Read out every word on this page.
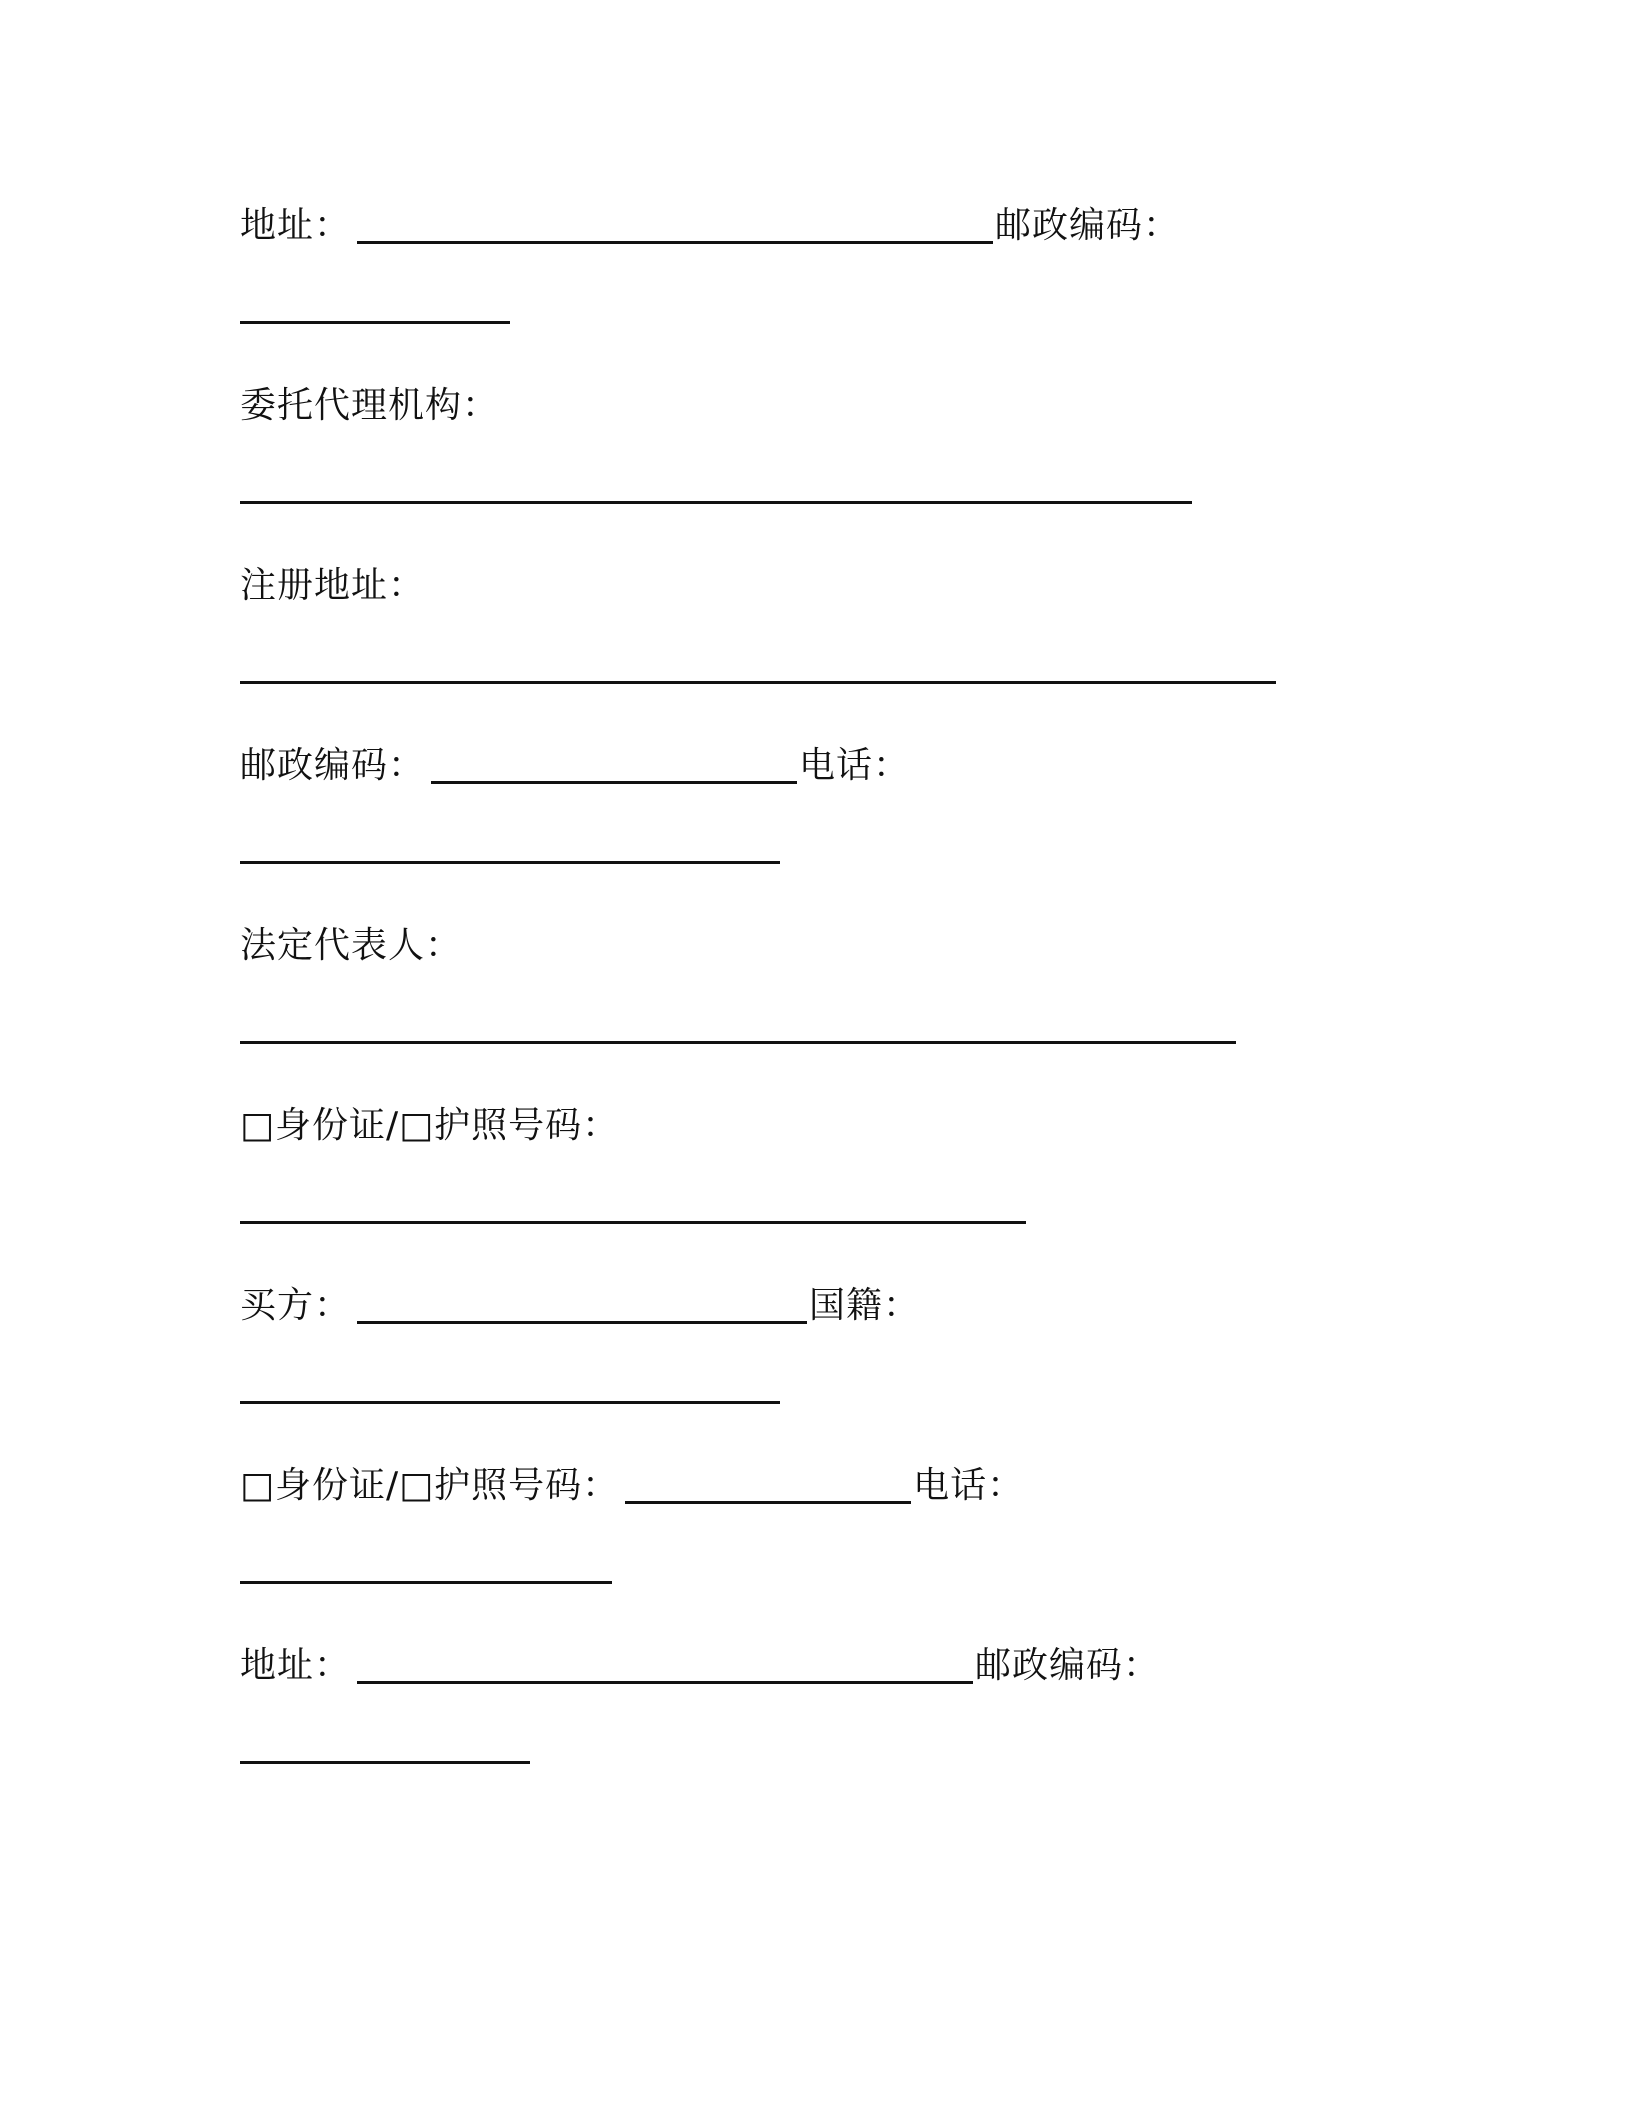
地址：	邮政编码：
委托代理机构：
注册地址：
邮政编码：	电话：
法定代表人：
□身份证/□护照号码：
买方：	国籍：
□身份证/□护照号码：	电话：
地址：	邮政编码：
